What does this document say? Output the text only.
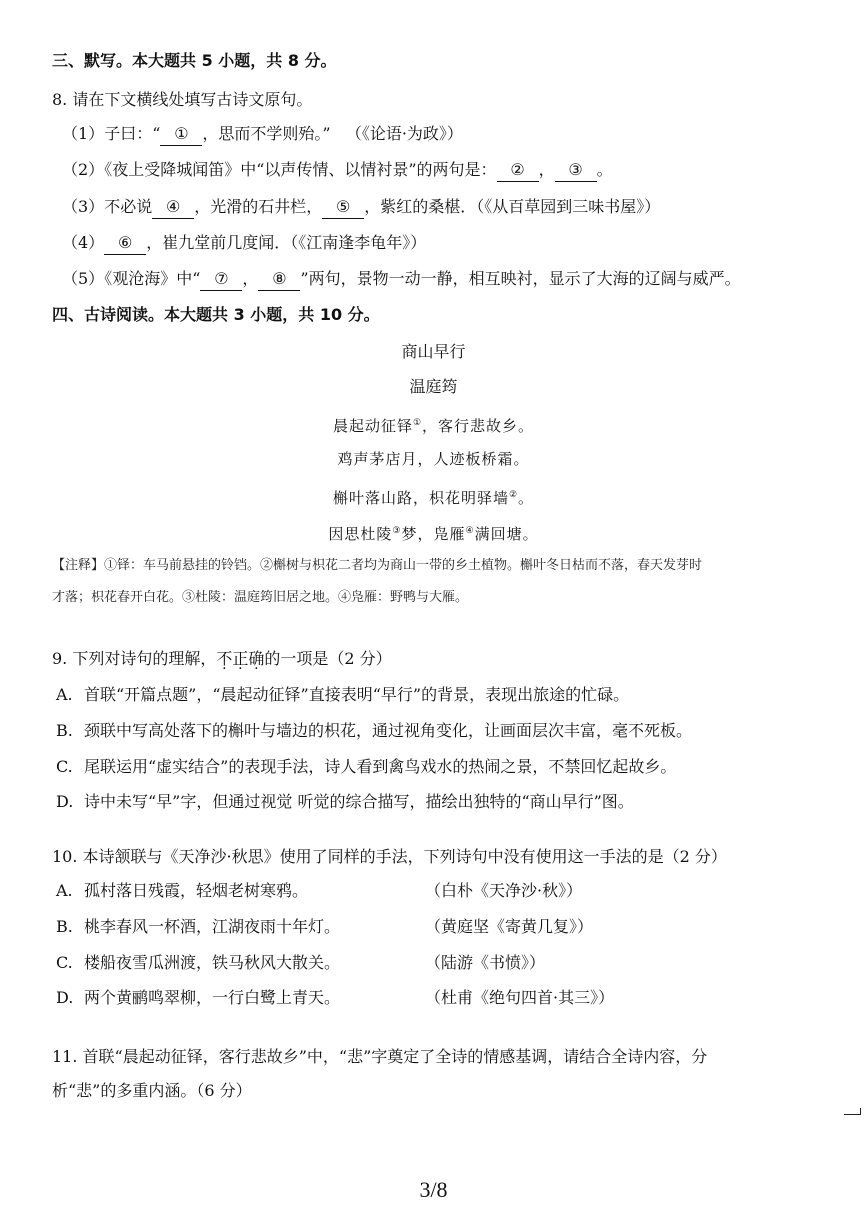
三、默写。本大题共 5 小题，共 8 分。
8. 请在下文横线处填写古诗文原句。
（1）子曰：“ ① ，思而不学则殆。” （《论语·为政》）
（2）《夜上受降城闻笛》中“以声传情、以情衬景”的两句是： ② ， ③ 。
（3）不必说 ④ ，光滑的石井栏， ⑤ ，紫红的桑椹．（《从百草园到三味书屋》）
（4） ⑥ ，崔九堂前几度闻．（《江南逢李龟年》）
（5）《观沧海》中“ ⑦ ， ⑧ ”两句，景物一动一静，相互映衬，显示了大海的辽阔与威严。
四、古诗阅读。本大题共 3 小题，共 10 分。
商山早行
温庭筠
晨起动征铎①，客行悲故乡。
鸡声茅店月，人迹板桥霜。
槲叶落山路，枳花明驿墙②。
因思杜陵③梦，凫雁④满回塘。
【注释】①铎：车马前悬挂的铃铛。②槲树与枳花二者均为商山一带的乡土植物。槲叶冬日枯而不落，春天发芽时
才落；枳花春开白花。③杜陵：温庭筠旧居之地。④凫雁：野鸭与大雁。
9. 下列对诗句的理解，不正确的一项是（2 分）
A. 首联“开篇点题”，“晨起动征铎”直接表明“早行”的背景，表现出旅途的忙碌。
B. 颈联中写高处落下的槲叶与墙边的枳花，通过视角变化，让画面层次丰富，毫不死板。
C. 尾联运用“虚实结合”的表现手法，诗人看到禽鸟戏水的热闹之景，不禁回忆起故乡。
D. 诗中未写“早”字，但通过视觉 听觉的综合描写，描绘出独特的“商山早行”图。
10. 本诗颔联与《天净沙·秋思》使用了同样的手法，下列诗句中没有使用这一手法的是（2 分）
A. 孤村落日残霞，轻烟老树寒鸦。	（白朴《天净沙·秋》）
B. 桃李春风一杯酒，江湖夜雨十年灯。	（黄庭坚《寄黄几复》）
C. 楼船夜雪瓜洲渡，铁马秋风大散关。	（陆游《书愤》）
D. 两个黄鹂鸣翠柳，一行白鹭上青天。	（杜甫《绝句四首·其三》）
11. 首联“晨起动征铎，客行悲故乡”中，“悲”字奠定了全诗的情感基调，请结合全诗内容，分
析“悲”的多重内涵。（6 分）
3/8
